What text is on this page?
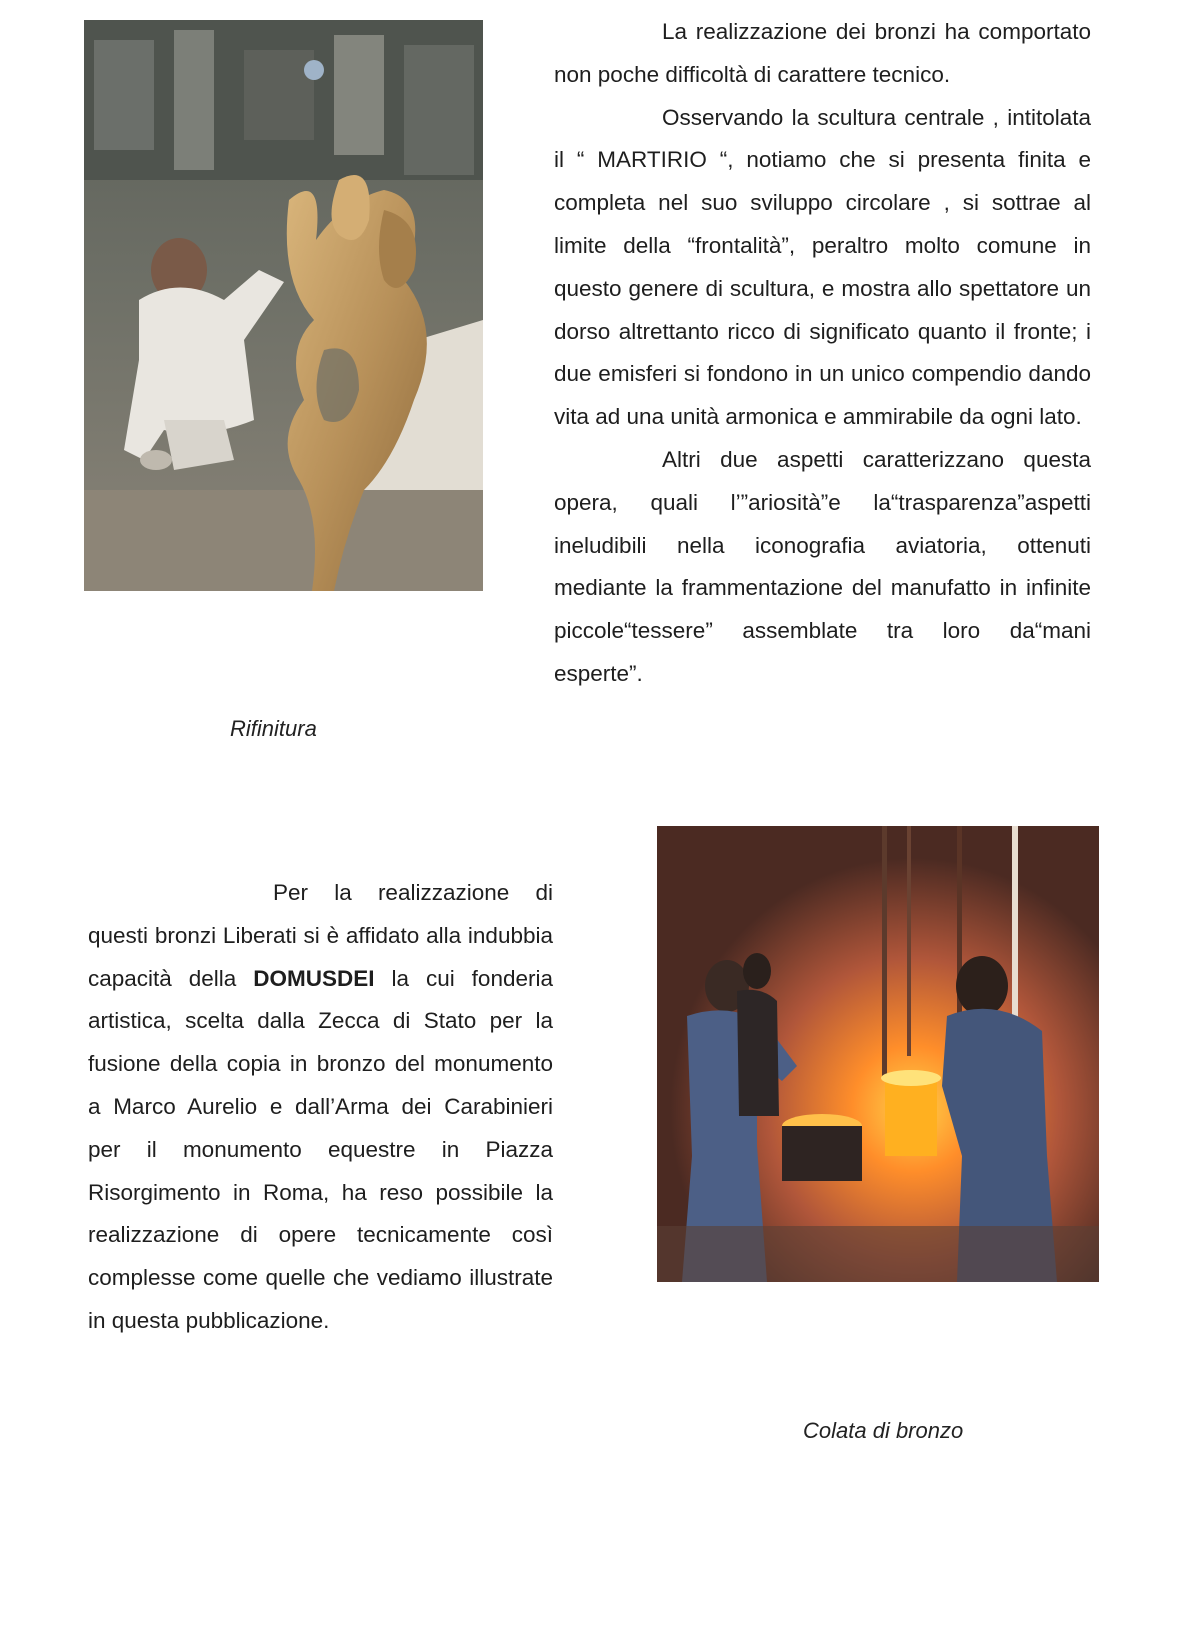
La realizzazione dei bronzi ha comportato non poche difficoltà di carattere tecnico.

Osservando la scultura centrale , intitolata il “ MARTIRIO “, notiamo che si presenta finita e completa nel suo sviluppo circolare , si sottrae al limite della “frontalità”, peraltro molto comune in questo genere di scultura, e mostra allo spettatore un dorso altrettanto ricco di significato quanto il fronte; i due emisferi si fondono in un unico compendio dando vita ad una unità armonica e ammirabile da ogni lato.

Altri due aspetti caratterizzano questa opera, quali l’”ariosità”e la“trasparenza”aspetti ineludibili nella iconografia aviatoria, ottenuti mediante la frammentazione del manufatto in infinite piccole“tessere” assemblate tra loro da“mani esperte”.

Rifinitura

Per la realizzazione di questi bronzi Liberati si è affidato alla indubbia capacità della DOMUSDEI la cui fonderia artistica, scelta dalla Zecca di Stato per la fusione della copia in bronzo del monumento a Marco Aurelio e dall’Arma dei Carabinieri per il monumento equestre in Piazza Risorgimento in Roma, ha reso possibile la realizzazione di opere tecnicamente così complesse come quelle che vediamo illustrate in questa pubblicazione.

Colata di bronzo
